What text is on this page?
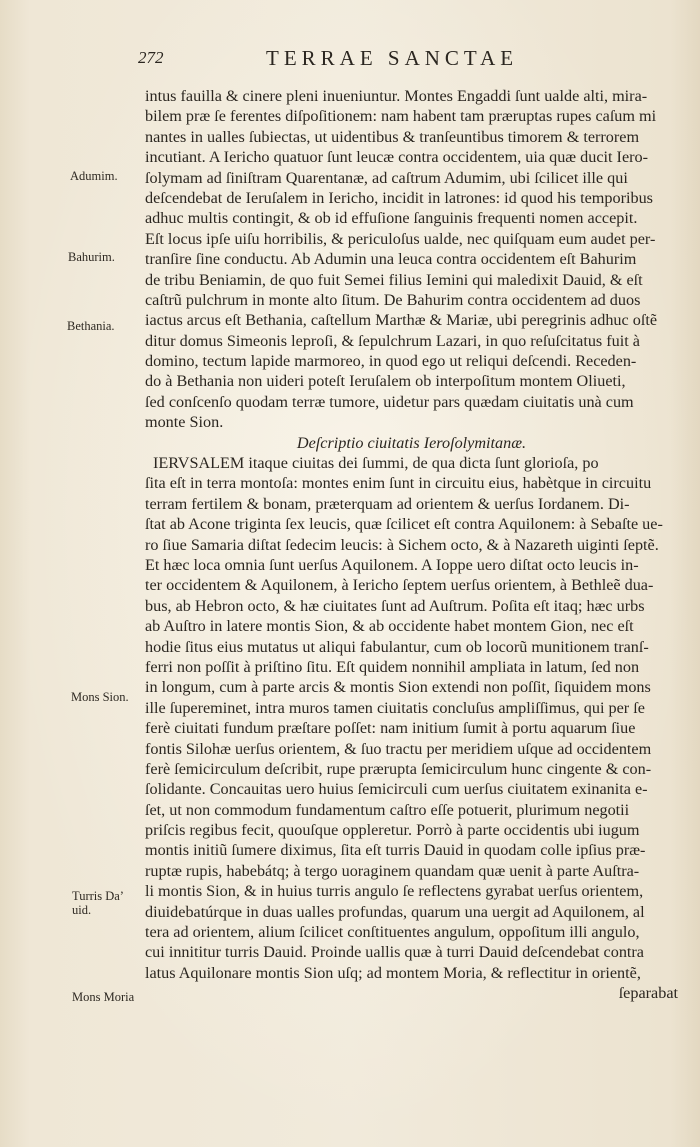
272	TERRAE SANCTAE
Adumim.
Bahurim.
Bethania.
Mons Sion.
Turris Da’
uid.
Mons Moria
intus fauilla & cinere pleni inueniuntur. Montes Engaddi ſunt ualde alti, mira-
bilem præ ſe ferentes diſpoſitionem: nam habent tam præruptas rupes caſum mi
nantes in ualles ſubiectas, ut uidentibus & tranſeuntibus timorem & terrorem
incutiant. A Iericho quatuor ſunt leucæ contra occidentem, uia quæ ducit Iero-
ſolymam ad ſiniſtram Quarentanæ, ad caſtrum Adumim, ubi ſcilicet ille qui
deſcendebat de Ieruſalem in Iericho, incidit in latrones: id quod his temporibus
adhuc multis contingit, & ob id effuſione ſanguinis frequenti nomen accepit.
Eſt locus ipſe uiſu horribilis, & periculoſus ualde, nec quiſquam eum audet per-
tranſire ſine conductu. Ab Adumin una leuca contra occidentem eſt Bahurim
de tribu Beniamin, de quo fuit Semei filius Iemini qui maledixit Dauid, & eſt
caſtrũ pulchrum in monte alto ſitum. De Bahurim contra occidentem ad duos
iactus arcus eſt Bethania, caſtellum Marthæ & Mariæ, ubi peregrinis adhuc oſtẽ
ditur domus Simeonis leproſi, & ſepulchrum Lazari, in quo reſuſcitatus fuit à
domino, tectum lapide marmoreo, in quod ego ut reliqui deſcendi. Receden-
do à Bethania non uideri poteſt Ieruſalem ob interpoſitum montem Oliueti,
ſed conſcenſo quodam terræ tumore, uidetur pars quædam ciuitatis unà cum
monte Sion.
Deſcriptio ciuitatis Ieroſolymitanæ.
IERVSALEM itaque ciuitas dei ſummi, de qua dicta ſunt glorioſa, po
ſita eſt in terra montoſa: montes enim ſunt in circuitu eius, habètque in circuitu
terram fertilem & bonam, præterquam ad orientem & uerſus Iordanem. Di-
ſtat ab Acone triginta ſex leucis, quæ ſcilicet eſt contra Aquilonem: à Sebaſte ue-
ro ſiue Samaria diſtat ſedecim leucis: à Sichem octo, & à Nazareth uiginti ſeptẽ.
Et hæc loca omnia ſunt uerſus Aquilonem. A Ioppe uero diſtat octo leucis in-
ter occidentem & Aquilonem, à Iericho ſeptem uerſus orientem, à Bethleẽ dua-
bus, ab Hebron octo, & hæ ciuitates ſunt ad Auſtrum. Poſita eſt itaq; hæc urbs
ab Auſtro in latere montis Sion, & ab occidente habet montem Gion, nec eſt
hodie ſitus eius mutatus ut aliqui fabulantur, cum ob locorũ munitionem tranſ-
ferri non poſſit à priſtino ſitu. Eſt quidem nonnihil ampliata in latum, ſed non
in longum, cum à parte arcis & montis Sion extendi non poſſit, ſiquidem mons
ille ſupereminet, intra muros tamen ciuitatis concluſus ampliſſimus, qui per ſe
ferè ciuitati fundum præſtare poſſet: nam initium ſumit à portu aquarum ſiue
fontis Silohæ uerſus orientem, & ſuo tractu per meridiem uſque ad occidentem
ferè ſemicirculum deſcribit, rupe prærupta ſemicirculum hunc cingente & con-
ſolidante. Concauitas uero huius ſemicirculi cum uerſus ciuitatem exinanita e-
ſet, ut non commodum fundamentum caſtro eſſe potuerit, plurimum negotii
priſcis regibus fecit, quouſque oppleretur. Porrò à parte occidentis ubi iugum
montis initiũ ſumere diximus, ſita eſt turris Dauid in quodam colle ipſius præ-
ruptæ rupis, habebátq; à tergo uoraginem quandam quæ uenit à parte Auſtra-
li montis Sion, & in huius turris angulo ſe reflectens gyrabat uerſus orientem,
diuidebatúrque in duas ualles profundas, quarum una uergit ad Aquilonem, al
tera ad orientem, alium ſcilicet conſtituentes angulum, oppoſitum illi angulo,
cui innititur turris Dauid. Proinde uallis quæ à turri Dauid deſcendebat contra
latus Aquilonare montis Sion uſq; ad montem Moria, & reflectitur in orientẽ,
ſeparabat
